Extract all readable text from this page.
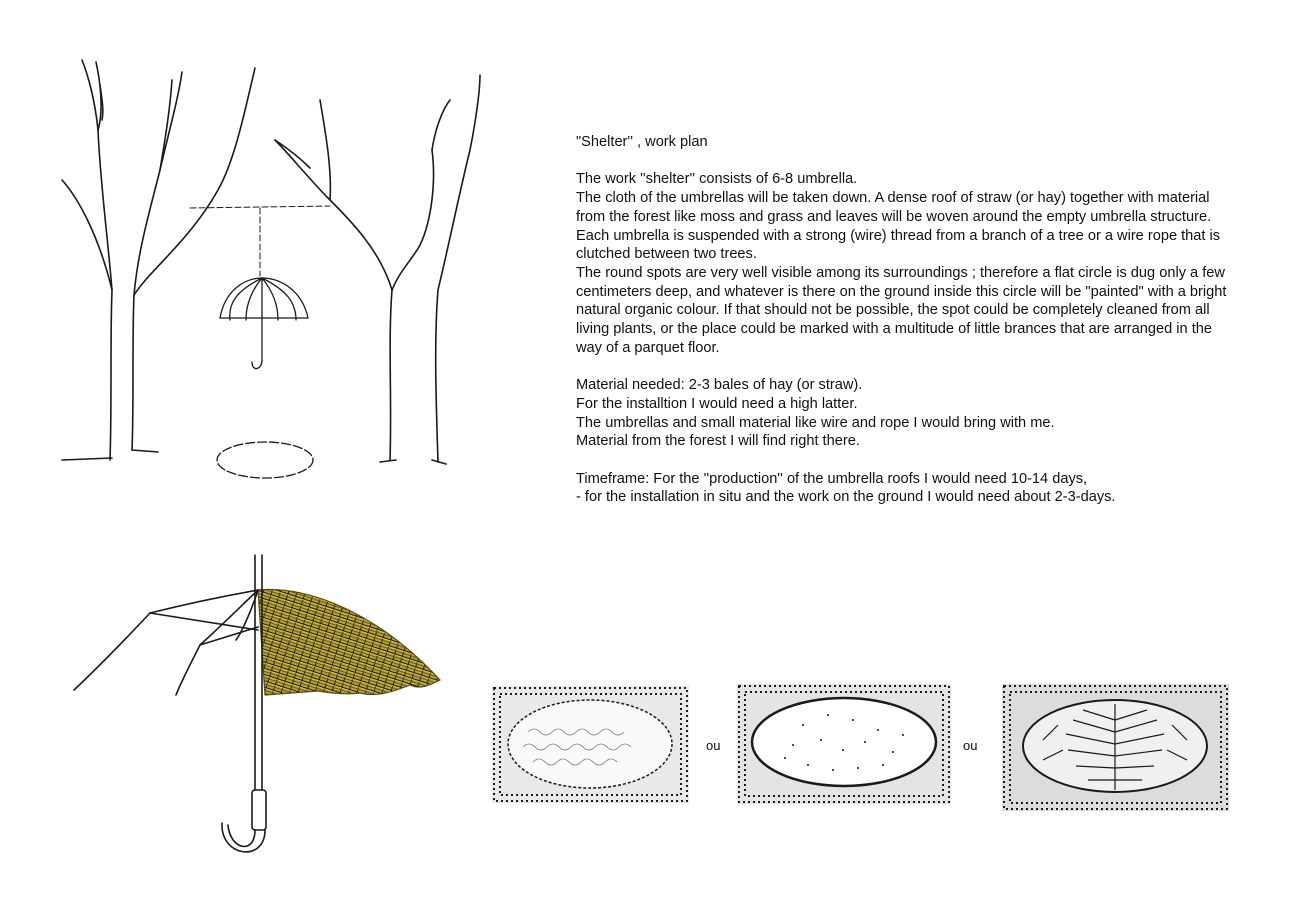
ou	ou

"Shelter'' , work plan

The work ''shelter'' consists of 6-8 umbrella.

The cloth of the umbrellas will be taken down. A dense roof of straw (or hay) together with material from the forest like moss and grass and leaves will be woven around the empty umbrella structure. Each umbrella is suspended with a strong (wire) thread from a branch of a tree or a wire rope that is clutched between two trees.

The round spots are very well visible among its surroundings ; therefore a flat circle is dug only a few centimeters deep, and whatever is there on the ground inside this circle will be "painted" with a bright natural organic colour. If that should not be possible, the spot could be completely cleaned from all living plants, or the place could be marked with a multitude of little brances that are arranged in the way of a parquet floor.

Material needed: 2-3 bales of hay (or straw).

For the installtion I would need a high latter.

The umbrellas and small material like wire and rope I would bring with me.

Material from the forest I will find right there.

Timeframe: For the ''production'' of the umbrella roofs I would need 10-14 days,

- for the installation in situ and the work on the ground I would need about 2-3-days.
